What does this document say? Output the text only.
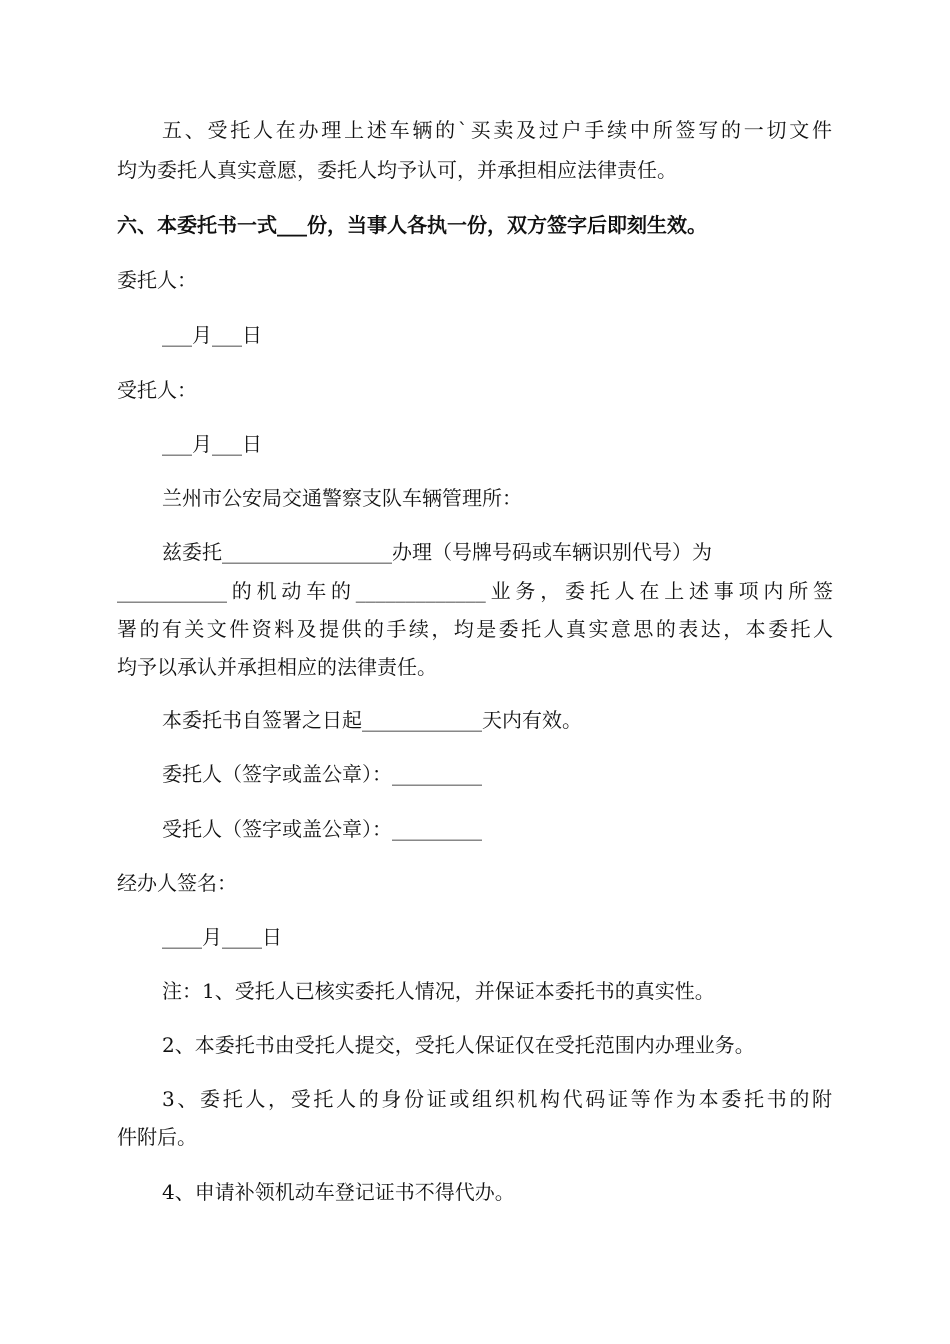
五、受托人在办理上述车辆的`买卖及过户手续中所签写的一切文件
均为委托人真实意愿，委托人均予认可，并承担相应法律责任。
六、本委托书一式___份，当事人各执一份，双方签字后即刻生效。
委托人：
___月___日
受托人：
___月___日
兰州市公安局交通警察支队车辆管理所：
兹委托_________________办理（号牌号码或车辆识别代号）为
___________的机动车的_____________业务，委托人在上述事项内所签
署的有关文件资料及提供的手续，均是委托人真实意思的表达，本委托人
均予以承认并承担相应的法律责任。
本委托书自签署之日起____________天内有效。
委托人（签字或盖公章）：_________
受托人（签字或盖公章）：_________
经办人签名：
____月____日
注：1、受托人已核实委托人情况，并保证本委托书的真实性。
2、本委托书由受托人提交，受托人保证仅在受托范围内办理业务。
3、委托人，受托人的身份证或组织机构代码证等作为本委托书的附
件附后。
4、申请补领机动车登记证书不得代办。
